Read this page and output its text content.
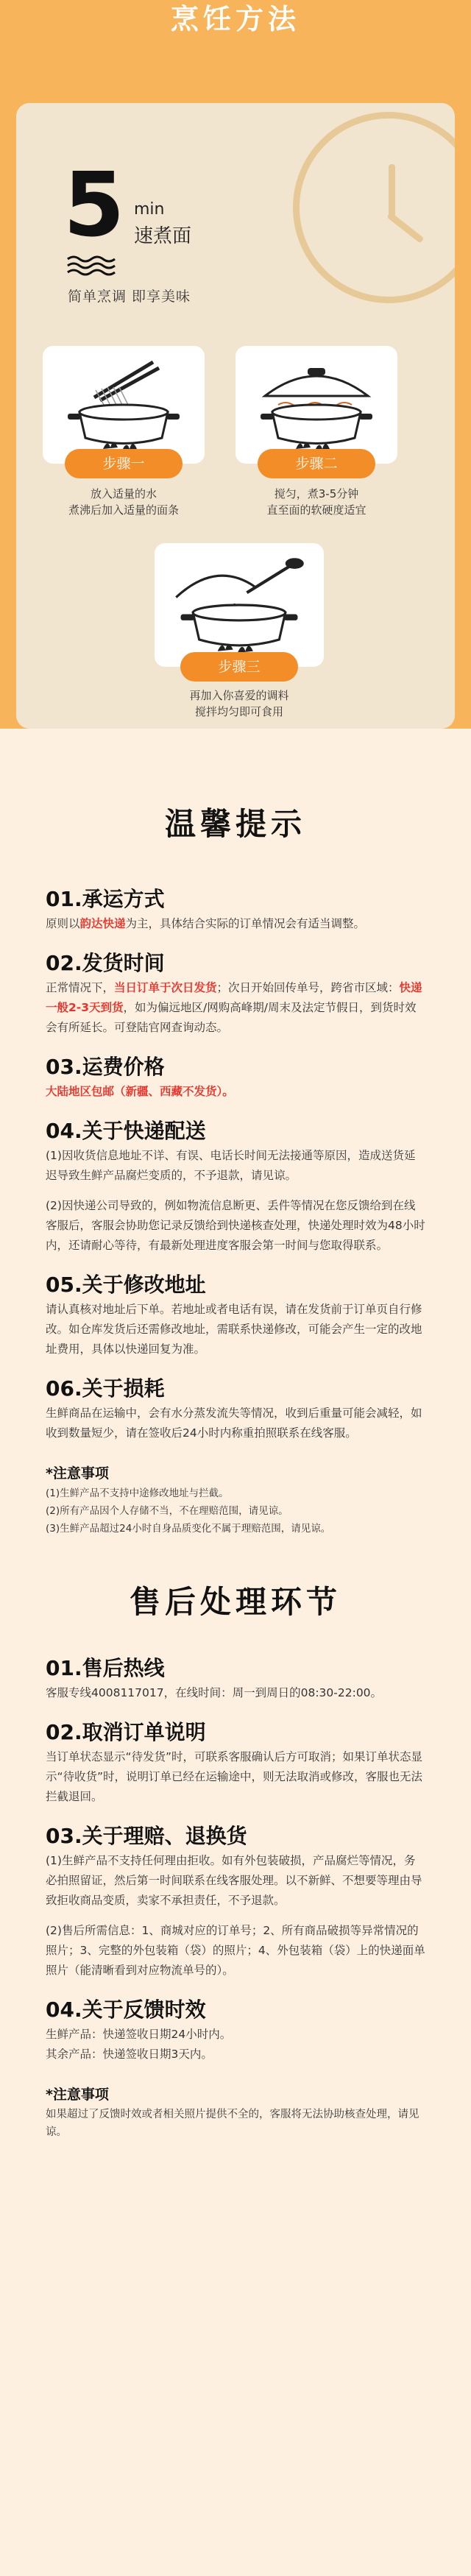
烹饪方法
5 min
速煮面
简单烹调 即享美味
步骤一
放入适量的水
煮沸后加入适量的面条
步骤二
搅匀，煮3-5分钟
直至面的软硬度适宜
步骤三
再加入你喜爱的调料
搅拌均匀即可食用
温馨提示
01.承运方式

原则以韵达快递为主，具体结合实际的订单情况会有适当调整。

02.发货时间

正常情况下，当日订单于次日发货；次日开始回传单号，跨省市区域：快递一般2-3天到货，如为偏远地区/网购高峰期/周末及法定节假日，到货时效会有所延长。可登陆官网查询动态。

03.运费价格

大陆地区包邮（新疆、西藏不发货）。

04.关于快递配送

(1)因收货信息地址不详、有误、电话长时间无法接通等原因，造成送货延迟导致生鲜产品腐烂变质的，不予退款，请见谅。

(2)因快递公司导致的，例如物流信息断更、丢件等情况在您反馈给到在线客服后，客服会协助您记录反馈给到快递核查处理，快递处理时效为48小时内，还请耐心等待，有最新处理进度客服会第一时间与您取得联系。

05.关于修改地址

请认真核对地址后下单。若地址或者电话有误，请在发货前于订单页自行修改。如仓库发货后还需修改地址，需联系快递修改，可能会产生一定的改地址费用，具体以快递回复为准。

06.关于损耗

生鲜商品在运输中，会有水分蒸发流失等情况，收到后重量可能会减轻，如收到数量短少，请在签收后24小时内称重拍照联系在线客服。

*注意事项

(1)生鲜产品不支持中途修改地址与拦截。

(2)所有产品因个人存储不当，不在理赔范围，请见谅。

(3)生鲜产品超过24小时自身品质变化不属于理赔范围，请见谅。

售后处理环节
01.售后热线

客服专线4008117017，在线时间：周一到周日的08:30-22:00。

02.取消订单说明

当订单状态显示“待发货”时，可联系客服确认后方可取消；如果订单状态显示“待收货”时，说明订单已经在运输途中，则无法取消或修改，客服也无法拦截退回。

03.关于理赔、退换货

(1)生鲜产品不支持任何理由拒收。如有外包装破损，产品腐烂等情况，务必拍照留证，然后第一时间联系在线客服处理。以不新鲜、不想要等理由导致拒收商品变质，卖家不承担责任，不予退款。

(2)售后所需信息：1、商城对应的订单号；2、所有商品破损等异常情况的照片；3、完整的外包装箱（袋）的照片；4、外包装箱（袋）上的快递面单照片（能清晰看到对应物流单号的）。

04.关于反馈时效

生鲜产品：快递签收日期24小时内。

其余产品：快递签收日期3天内。

*注意事项

如果超过了反馈时效或者相关照片提供不全的，客服将无法协助核查处理，请见谅。
